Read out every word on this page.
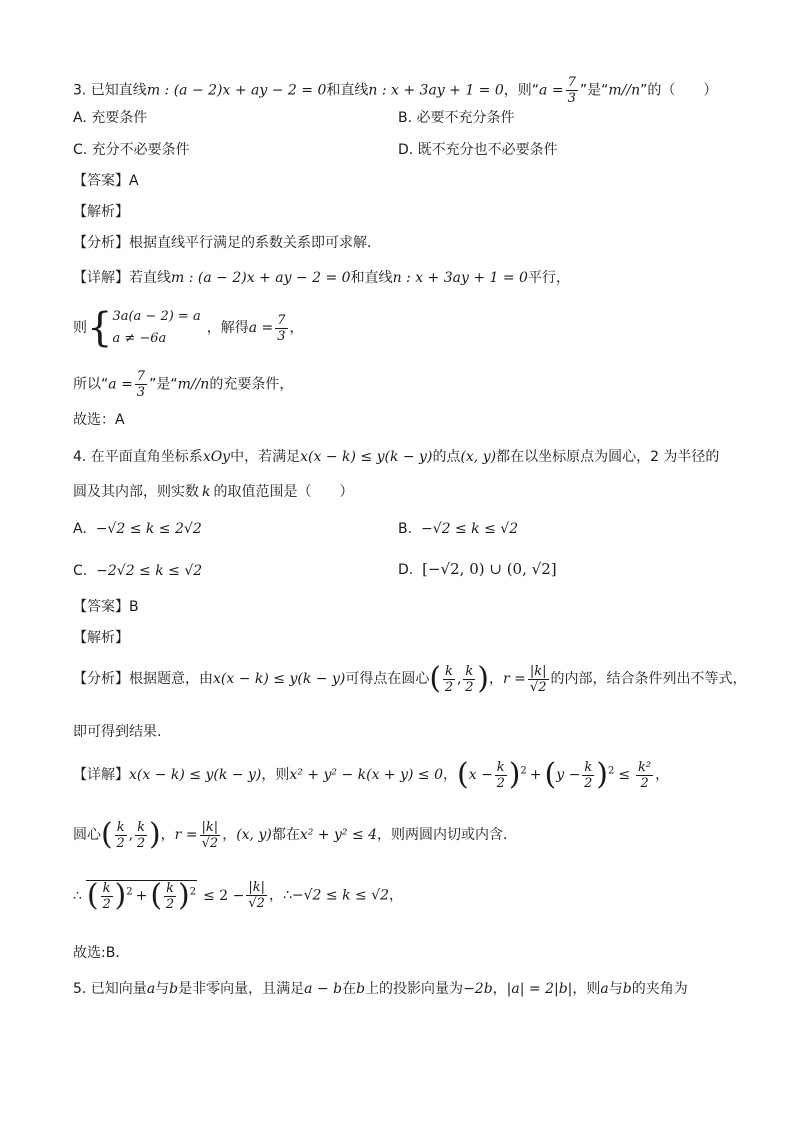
3. 已知直线m : (a − 2)x + ay − 2 = 0和直线n : x + 3ay + 1 = 0，则“$a = \frac{7}{3}$ ”是“m//n”的（　　）
A. 充要条件	B. 必要不充分条件
C. 充分不必要条件	D. 既不充分也不必要条件
【答案】A
【解析】
【分析】根据直线平行满足的系数关系即可求解.
【详解】若直线m : (a − 2)x + ay − 2 = 0和直线n : x + 3ay + 1 = 0平行，
则{ 3a(a − 2) = a
a ≠ −6a
，解得$a = \frac{7}{3}$ ，
所以“$a = \frac{7}{3}$ ”是“m//n的充要条件，
故选：A
4. 在平面直角坐标系xOy中，若满足x(x − k) ≤ y(k − y)的点(x, y)都在以坐标原点为圆心，2 为半径的
圆及其内部，则实数 k 的取值范围是（　　）
A. −√2 ≤ k ≤ 2√2	B. −√2 ≤ k ≤ √2
C. −2√2 ≤ k ≤ √2	D. [−√2, 0) ∪ (0, √2]
【答案】B
【解析】
【分析】根据题意，由x(x − k) ≤ y(k − y)可得点在圆心( $\frac{k}{2}$ , $\frac{k}{2}$ )，$r = \frac{|k|}{√2}$ 的内部，结合条件列出不等式，
即可得到结果.
【详解】x(x − k) ≤ y(k − y)，则x² + y² − k(x + y) ≤ 0，$(x - \frac{k}{2} )^2 + (y - \frac{k}{2} )^2 \le \frac{\text{k²}}{2}$ ，
圆心( $\frac{k}{2}$ , $\frac{k}{2}$ )，$r = \frac{|k|}{√2}$ ，(x, y)都在x² + y² ≤ 4，则两圆内切或内含.
∴ ( $\frac{k}{2} )^2$ + ( $\frac{k}{2} )^2 \le 2 - \frac{|k|}{√2}$ ，∴−√2 ≤ k ≤ √2，
故选:B．
5. 已知向量a与b是非零向量，且满足a − b在b上的投影向量为−2b，|a| = 2|b|，则a与b的夹角为
